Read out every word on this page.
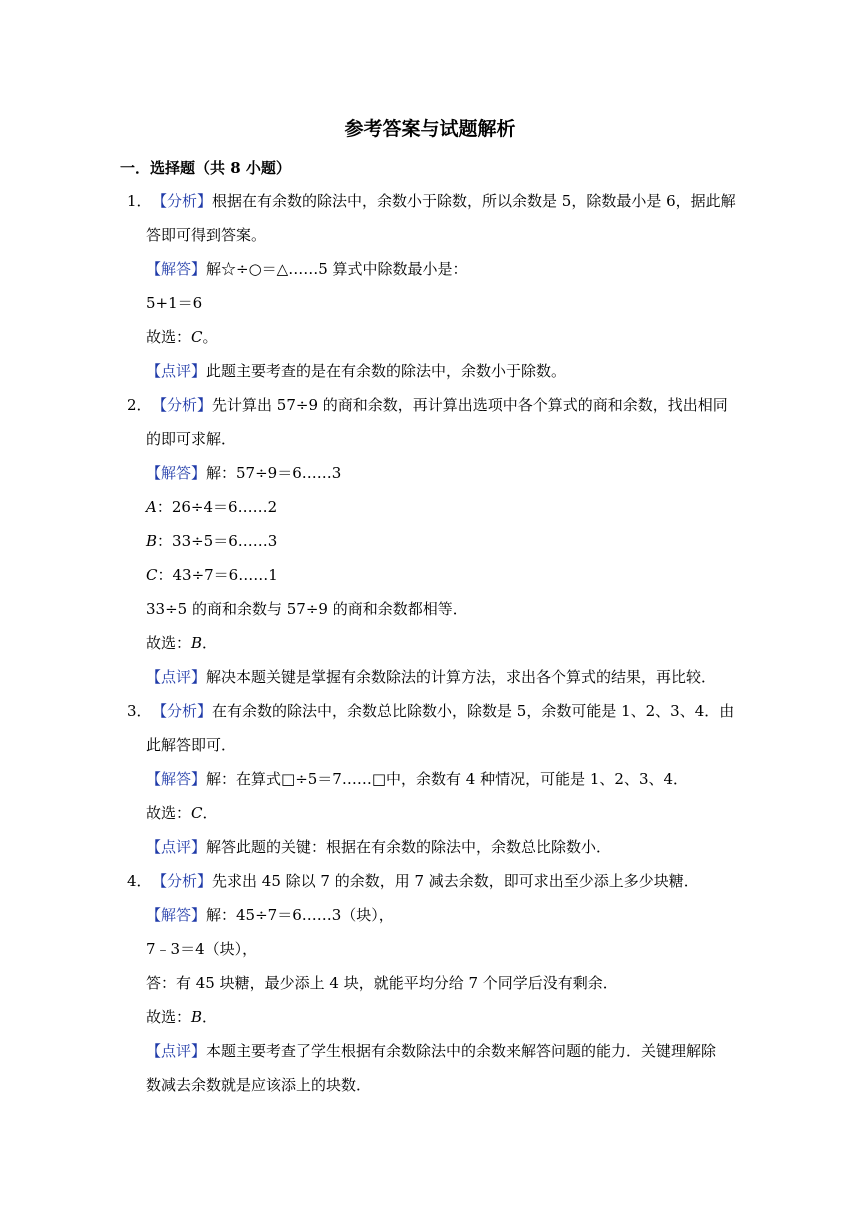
参考答案与试题解析
一．选择题（共 8 小题）
1． 【分析】根据在有余数的除法中，余数小于除数，所以余数是 5，除数最小是 6，据此解
答即可得到答案。
【解答】解☆÷○＝△……5 算式中除数最小是：
5+1＝6
故选：C。
【点评】此题主要考查的是在有余数的除法中，余数小于除数。
2． 【分析】先计算出 57÷9 的商和余数，再计算出选项中各个算式的商和余数，找出相同
的即可求解．
【解答】解：57÷9＝6……3
A：26÷4＝6……2
B：33÷5＝6……3
C：43÷7＝6……1
33÷5 的商和余数与 57÷9 的商和余数都相等．
故选：B．
【点评】解决本题关键是掌握有余数除法的计算方法，求出各个算式的结果，再比较．
3． 【分析】在有余数的除法中，余数总比除数小，除数是 5，余数可能是 1、2、3、4．由
此解答即可．
【解答】解：在算式□÷5＝7……□中，余数有 4 种情况，可能是 1、2、3、4．
故选：C．
【点评】解答此题的关键：根据在有余数的除法中，余数总比除数小．
4． 【分析】先求出 45 除以 7 的余数，用 7 减去余数，即可求出至少添上多少块糖．
【解答】解：45÷7＝6……3（块），
7﹣3＝4（块），
答：有 45 块糖，最少添上 4 块，就能平均分给 7 个同学后没有剩余．
故选：B．
【点评】本题主要考查了学生根据有余数除法中的余数来解答问题的能力．关键理解除
数减去余数就是应该添上的块数．
